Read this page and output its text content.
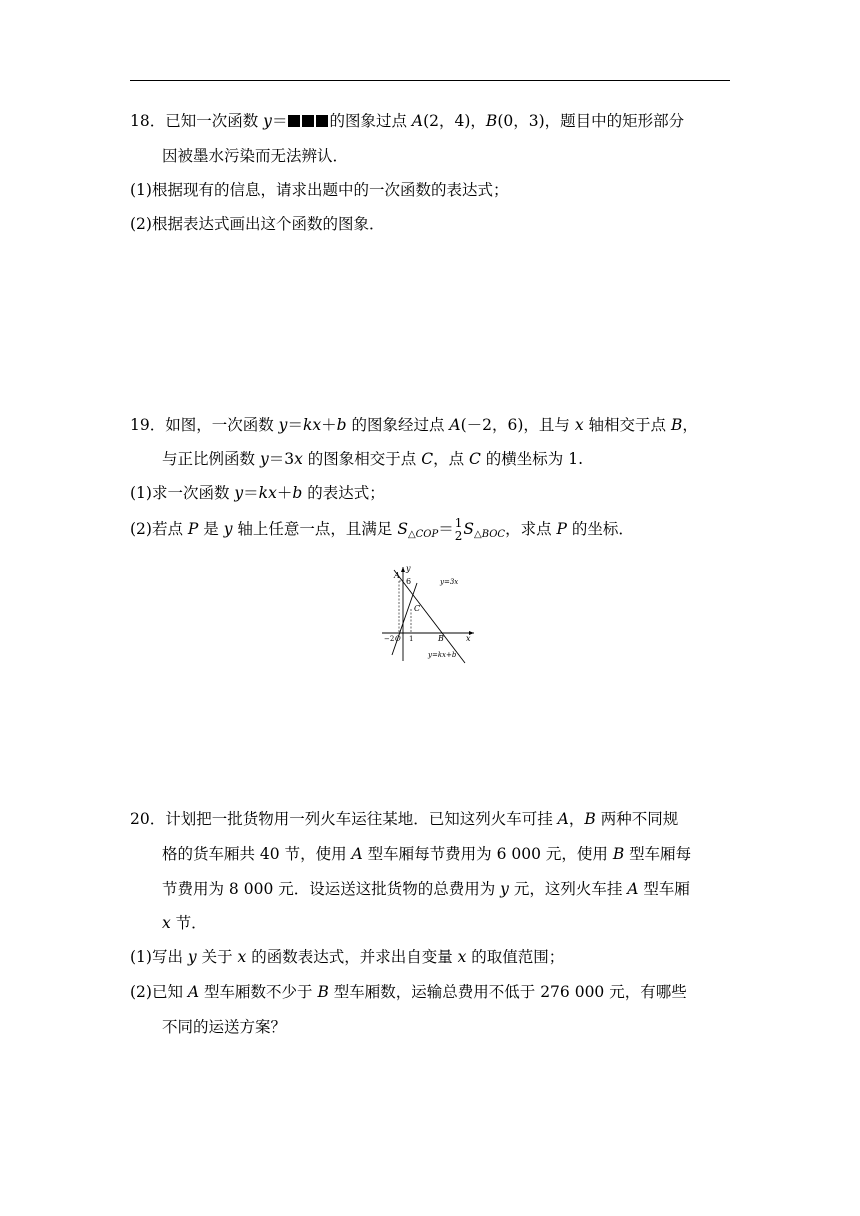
18．已知一次函数 y＝	的图象过点 A(2，4)，B(0，3)，题目中的矩形部分
因被墨水污染而无法辨认．
(1)根据现有的信息，请求出题中的一次函数的表达式；
(2)根据表达式画出这个函数的图象．
19．如图，一次函数 y＝kx＋b 的图象经过点 A(－2，6)，且与 x 轴相交于点 B，
与正比例函数 y＝3x 的图象相交于点 C，点 C 的横坐标为 1.
(1)求一次函数 y＝kx＋b 的表达式；
(2)若点 P 是 y 轴上任意一点，且满足 $S_{\triangle COP}= 1$
2 $S_{\triangle BOC}$，求点 P 的坐标．
A
y
6	y=3x
C
−2 O 1	B	x
y=kx+b
20．计划把一批货物用一列火车运往某地．已知这列火车可挂 A，B 两种不同规
格的货车厢共 40 节，使用 A 型车厢每节费用为 6 000 元，使用 B 型车厢每
节费用为 8 000 元．设运送这批货物的总费用为 y 元，这列火车挂 A 型车厢
x 节．
(1)写出 y 关于 x 的函数表达式，并求出自变量 x 的取值范围；
(2)已知 A 型车厢数不少于 B 型车厢数，运输总费用不低于 276 000 元，有哪些
不同的运送方案？
